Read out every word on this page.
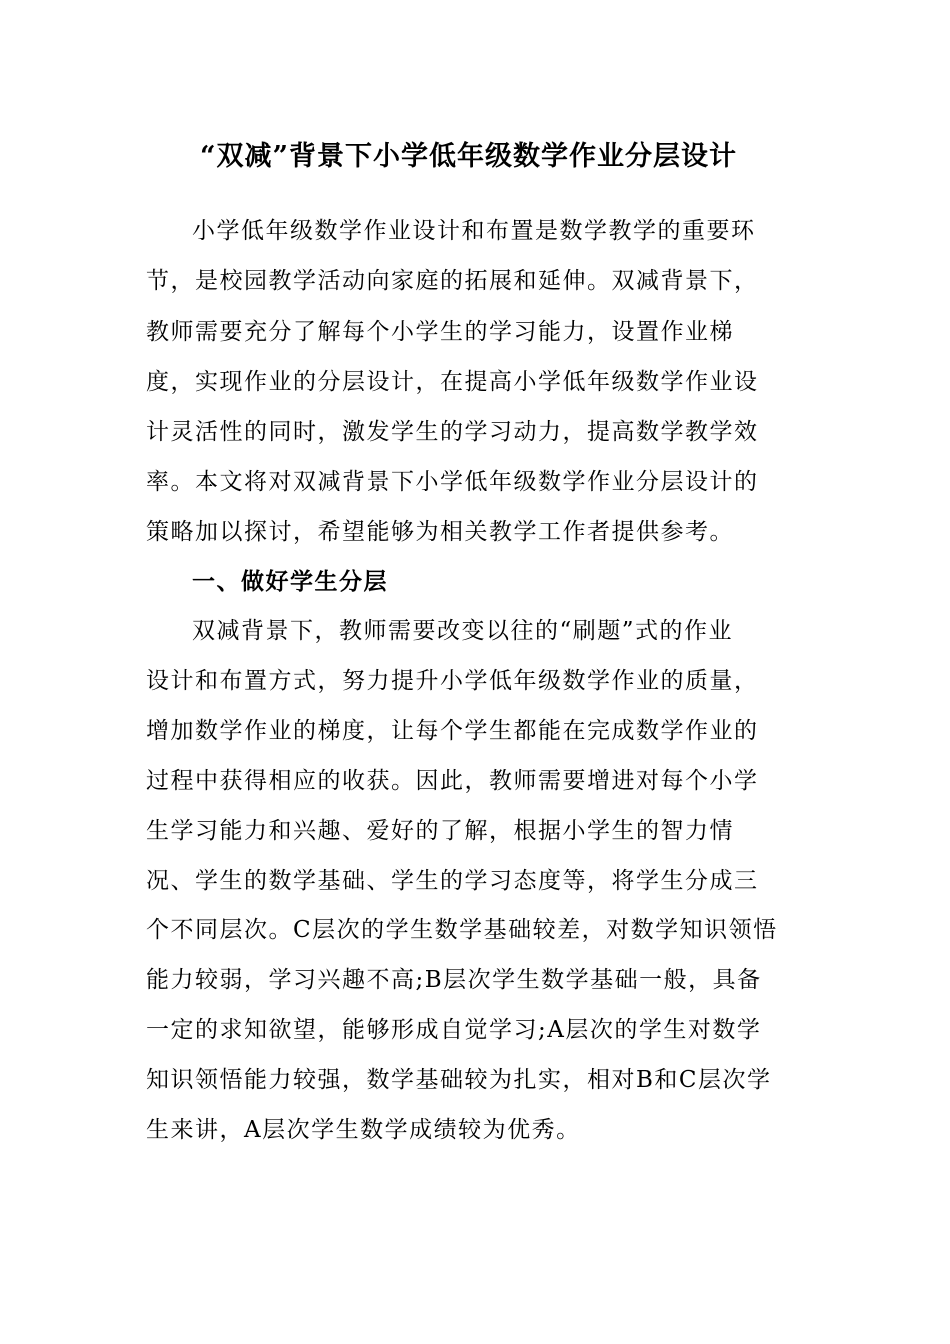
“双减”背景下小学低年级数学作业分层设计
小学低年级数学作业设计和布置是数学教学的重要环
节，是校园教学活动向家庭的拓展和延伸。双减背景下，
教师需要充分了解每个小学生的学习能力，设置作业梯
度，实现作业的分层设计，在提高小学低年级数学作业设
计灵活性的同时，激发学生的学习动力，提高数学教学效
率。本文将对双减背景下小学低年级数学作业分层设计的
策略加以探讨，希望能够为相关教学工作者提供参考。
一、做好学生分层
双减背景下，教师需要改变以往的“刷题”式的作业
设计和布置方式，努力提升小学低年级数学作业的质量，
增加数学作业的梯度，让每个学生都能在完成数学作业的
过程中获得相应的收获。因此，教师需要增进对每个小学
生学习能力和兴趣、爱好的了解，根据小学生的智力情
况、学生的数学基础、学生的学习态度等，将学生分成三
个不同层次。C层次的学生数学基础较差，对数学知识领悟
能力较弱，学习兴趣不高;B层次学生数学基础一般，具备
一定的求知欲望，能够形成自觉学习;A层次的学生对数学
知识领悟能力较强，数学基础较为扎实，相对B和C层次学
生来讲，A层次学生数学成绩较为优秀。
